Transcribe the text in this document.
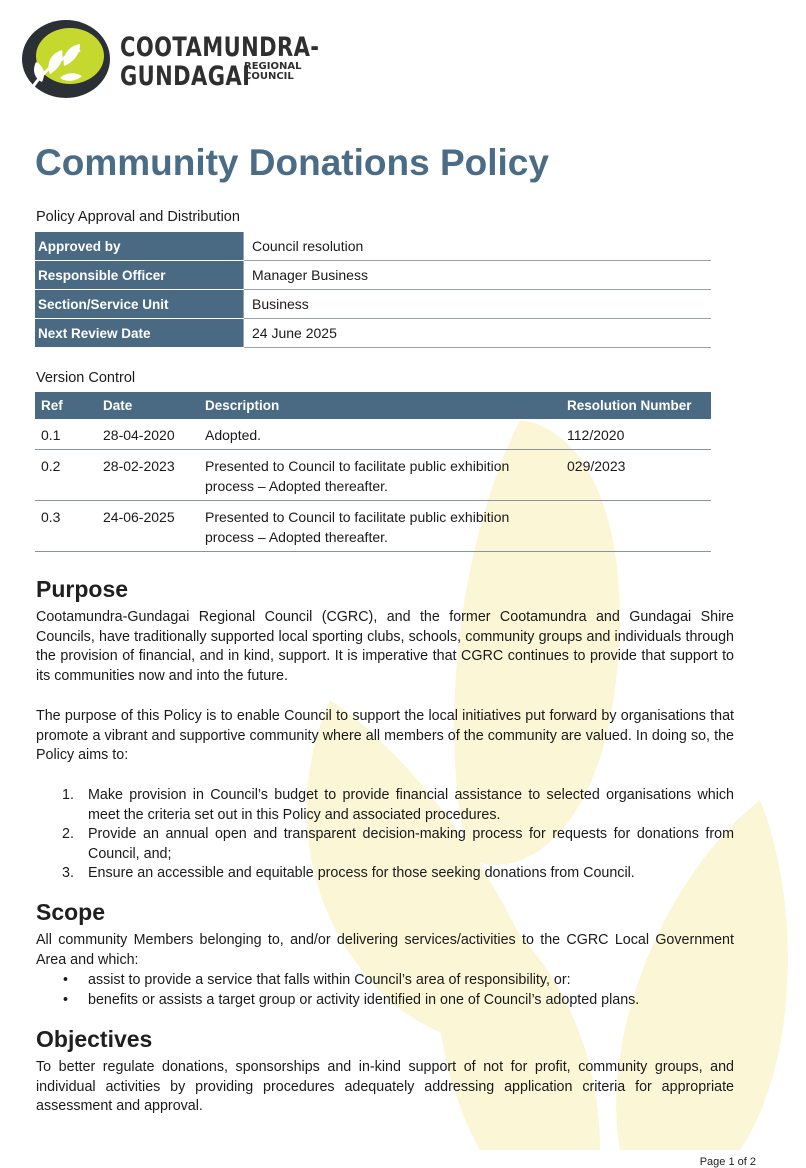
COOTAMUNDRA-
GUNDAGAI
REGIONAL
COUNCIL
Community Donations Policy
Policy Approval and Distribution
Approved by	Council resolution
Responsible Officer	Manager Business
Section/Service Unit	Business
Next Review Date	24 June 2025
Version Control
Ref	Date	Description	Resolution Number
0.1	28-04-2020	Adopted.	112/2020
0.2	28-02-2023	Presented to Council to facilitate public exhibition process – Adopted thereafter.	029/2023
0.3	24-06-2025	Presented to Council to facilitate public exhibition process – Adopted thereafter.	
Purpose

Cootamundra-Gundagai Regional Council (CGRC), and the former Cootamundra and Gundagai Shire Councils, have traditionally supported local sporting clubs, schools, community groups and individuals through the provision of financial, and in kind, support. It is imperative that CGRC continues to provide that support to its communities now and into the future.

The purpose of this Policy is to enable Council to support the local initiatives put forward by organisations that promote a vibrant and supportive community where all members of the community are valued. In doing so, the Policy aims to:

1. Make provision in Council’s budget to provide financial assistance to selected organisations which meet the criteria set out in this Policy and associated procedures.
2. Provide an annual open and transparent decision-making process for requests for donations from Council, and;
3. Ensure an accessible and equitable process for those seeking donations from Council.
Scope

All community Members belonging to, and/or delivering services/activities to the CGRC Local Government Area and which:

• assist to provide a service that falls within Council’s area of responsibility, or:
• benefits or assists a target group or activity identified in one of Council’s adopted plans.
Objectives

To better regulate donations, sponsorships and in-kind support of not for profit, community groups, and individual activities by providing procedures adequately addressing application criteria for appropriate assessment and approval.

Page 1 of 2
